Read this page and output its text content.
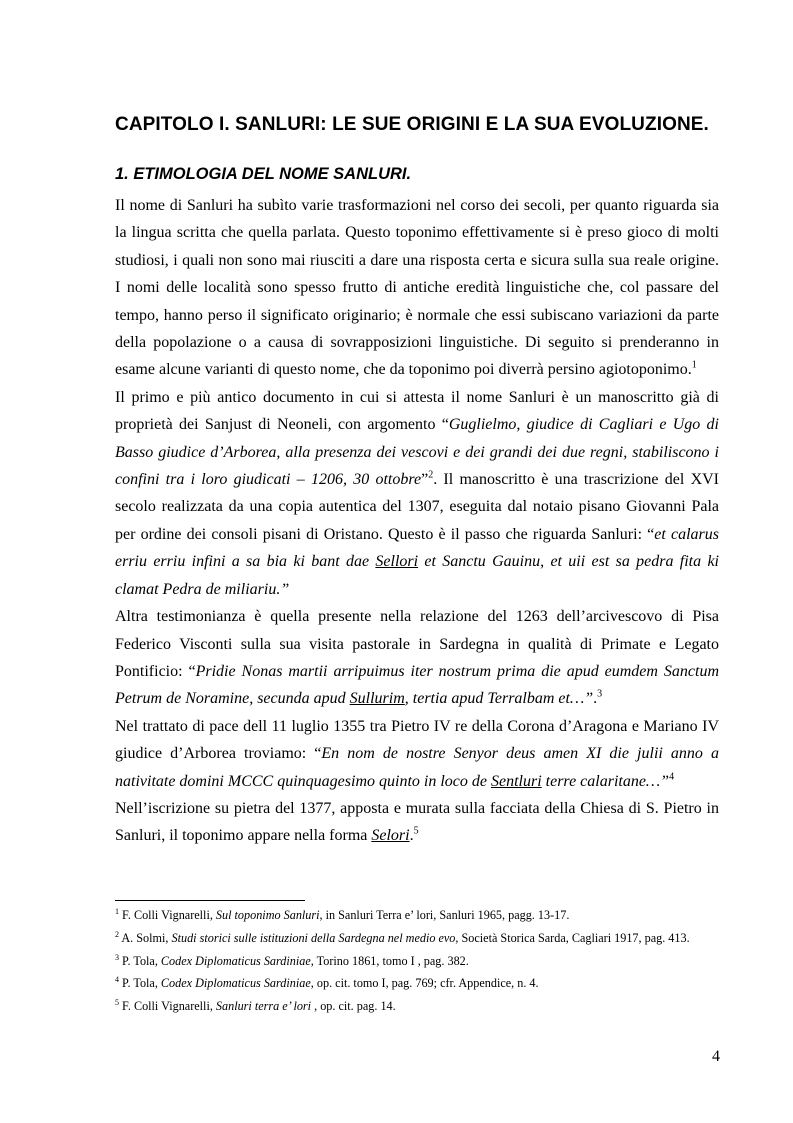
CAPITOLO I. SANLURI: LE SUE ORIGINI E LA SUA EVOLUZIONE.
1. ETIMOLOGIA DEL NOME SANLURI.

Il nome di Sanluri ha subìto varie trasformazioni nel corso dei secoli, per quanto riguarda sia la lingua scritta che quella parlata. Questo toponimo effettivamente si è preso gioco di molti studiosi, i quali non sono mai riusciti a dare una risposta certa e sicura sulla sua reale origine. I nomi delle località sono spesso frutto di antiche eredità linguistiche che, col passare del tempo, hanno perso il significato originario; è normale che essi subiscano variazioni da parte della popolazione o a causa di sovrapposizioni linguistiche. Di seguito si prenderanno in esame alcune varianti di questo nome, che da toponimo poi diverrà persino agiotoponimo.$^1$

Il primo e più antico documento in cui si attesta il nome Sanluri è un manoscritto già di proprietà dei Sanjust di Neoneli, con argomento “Guglielmo, giudice di Cagliari e Ugo di Basso giudice d’Arborea, alla presenza dei vescovi e dei grandi dei due regni, stabiliscono i confini tra i loro giudicati – 1206, 30 ottobre”$^2$. Il manoscritto è una trascrizione del XVI secolo realizzata da una copia autentica del 1307, eseguita dal notaio pisano Giovanni Pala per ordine dei consoli pisani di Oristano. Questo è il passo che riguarda Sanluri: “et calarus erriu erriu infini a sa bia ki bant dae Sellori et Sanctu Gauinu, et uii est sa pedra fita ki clamat Pedra de miliariu.”

Altra testimonianza è quella presente nella relazione del 1263 dell’arcivescovo di Pisa Federico Visconti sulla sua visita pastorale in Sardegna in qualità di Primate e Legato Pontificio: “Pridie Nonas martii arripuimus iter nostrum prima die apud eumdem Sanctum Petrum de Noramine, secunda apud Sullurim, tertia apud Terralbam et…”.$^3$

Nel trattato di pace dell 11 luglio 1355 tra Pietro IV re della Corona d’Aragona e Mariano IV giudice d’Arborea troviamo: “En nom de nostre Senyor deus amen XI die julii anno a nativitate domini MCCC quinquagesimo quinto in loco de Sentluri terre calaritane…”$^4$

Nell’iscrizione su pietra del 1377, apposta e murata sulla facciata della Chiesa di S. Pietro in Sanluri, il toponimo appare nella forma Selori.$^5$

$^1$ F. Colli Vignarelli, Sul toponimo Sanluri, in Sanluri Terra e’ lori, Sanluri 1965, pagg. 13-17.

$^2$ A. Solmi, Studi storici sulle istituzioni della Sardegna nel medio evo, Società Storica Sarda, Cagliari 1917, pag. 413.

$^3$ P. Tola, Codex Diplomaticus Sardiniae, Torino 1861, tomo I , pag. 382.

$^4$ P. Tola, Codex Diplomaticus Sardiniae, op. cit. tomo I, pag. 769; cfr. Appendice, n. 4.

$^5$ F. Colli Vignarelli, Sanluri terra e’ lori , op. cit. pag. 14.

4
